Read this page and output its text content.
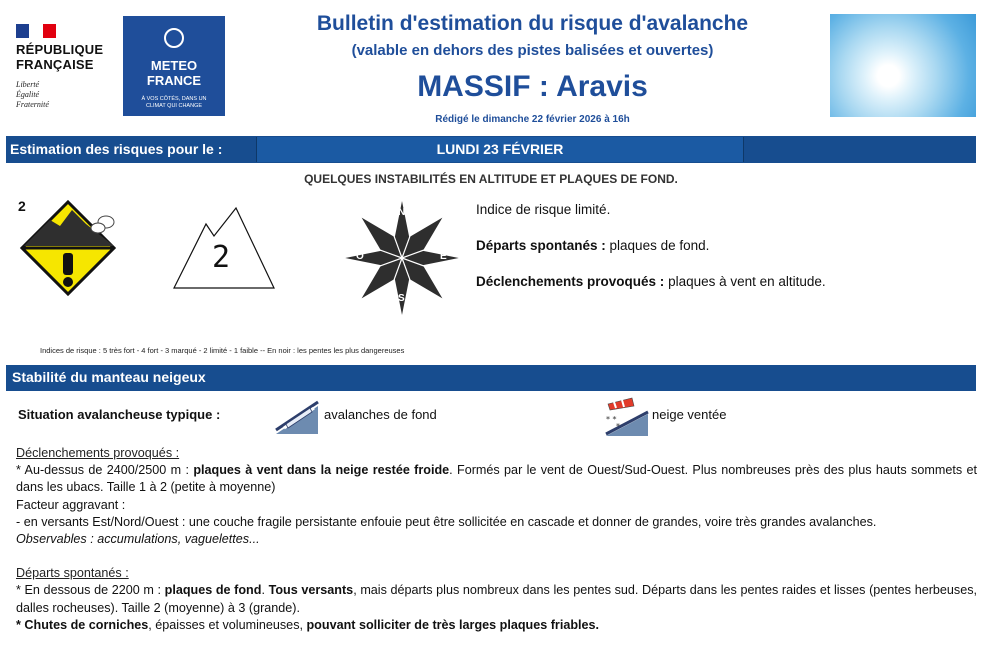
RÉPUBLIQUE
FRANÇAISE
Liberté
Égalité
Fraternité
METEO
FRANCE
À VOS CÔTÉS, DANS UN
CLIMAT QUI CHANGE
Bulletin d'estimation du risque d'avalanche
(valable en dehors des pistes balisées et ouvertes)
MASSIF : Aravis
Rédigé le dimanche 22 février 2026 à 16h
Estimation des risques pour le :	LUNDI 23 FÉVRIER
QUELQUES INSTABILITÉS EN ALTITUDE ET PLAQUES DE FOND.
2
2
N
E
S
O
Indice de risque limité.
Départs spontanés : plaques de fond.
Déclenchements provoqués : plaques à vent en altitude.
Indices de risque : 5 très fort - 4 fort - 3 marqué - 2 limité - 1 faible -- En noir : les pentes les plus dangereuses
Stabilité du manteau neigeux
Situation avalancheuse typique :	avalanches de fond	* *
*
neige ventée

Déclenchements provoqués :

* Au-dessus de 2400/2500 m : plaques à vent dans la neige restée froide. Formés par le vent de Ouest/Sud-Ouest. Plus nombreuses près des plus hauts sommets et dans les ubacs. Taille 1 à 2 (petite à moyenne)

Facteur aggravant :

- en versants Est/Nord/Ouest : une couche fragile persistante enfouie peut être sollicitée en cascade et donner de grandes, voire très grandes avalanches.

Observables : accumulations, vaguelettes...

Départs spontanés :

* En dessous de 2200 m : plaques de fond. Tous versants, mais départs plus nombreux dans les pentes sud. Départs dans les pentes raides et lisses (pentes herbeuses, dalles rocheuses). Taille 2 (moyenne) à 3 (grande).

* Chutes de corniches, épaisses et volumineuses, pouvant solliciter de très larges plaques friables.
